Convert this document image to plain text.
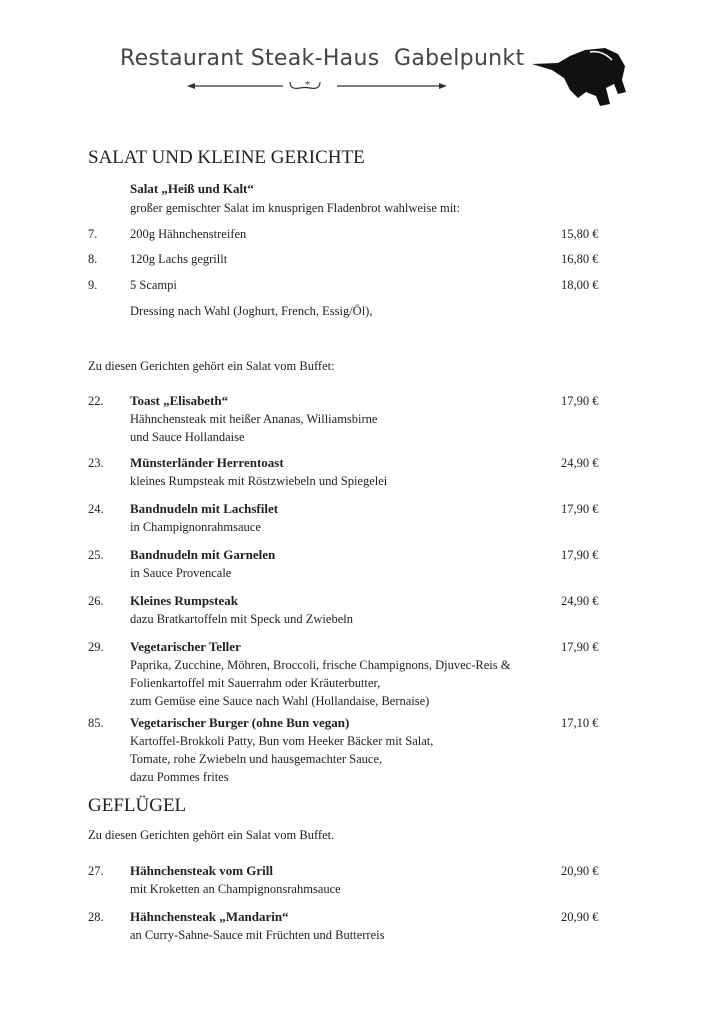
Restaurant Steak-Haus  Gabelpunkt
*
SALAT UND KLEINE GERICHTE
Salat „Heiß und Kalt“
großer gemischter Salat im knusprigen Fladenbrot wahlweise mit:
7.	200g Hähnchenstreifen	15,80 €
8.	120g Lachs gegrillt	16,80 €
9.	5 Scampi	18,00 €
Dressing nach Wahl (Joghurt, French, Essig/Öl),
Zu diesen Gerichten gehört ein Salat vom Buffet:
22. Toast „Elisabeth“	17,90 €
Hähnchensteak mit heißer Ananas, Williamsbirne
und Sauce Hollandaise
23. Münsterländer Herrentoast	24,90 €
kleines Rumpsteak mit Röstzwiebeln und Spiegelei
24. Bandnudeln mit Lachsfilet	17,90 €
in Champignonrahmsauce
25. Bandnudeln mit Garnelen	17,90 €
in Sauce Provencale
26. Kleines Rumpsteak	24,90 €
dazu Bratkartoffeln mit Speck und Zwiebeln
29. Vegetarischer Teller	17,90 €
Paprika, Zucchine, Möhren, Broccoli, frische Champignons, Djuvec-Reis &
Folienkartoffel mit Sauerrahm oder Kräuterbutter,
zum Gemüse eine Sauce nach Wahl (Hollandaise, Bernaise)
85. Vegetarischer Burger (ohne Bun vegan)	17,10 €
Kartoffel-Brokkoli Patty, Bun vom Heeker Bäcker mit Salat,
Tomate, rohe Zwiebeln und hausgemachter Sauce,
dazu Pommes frites
GEFLÜGEL
Zu diesen Gerichten gehört ein Salat vom Buffet.
27. Hähnchensteak vom Grill	20,90 €
mit Kroketten an Champignonsrahmsauce
28. Hähnchensteak „Mandarin“	20,90 €
an Curry-Sahne-Sauce mit Früchten und Butterreis
